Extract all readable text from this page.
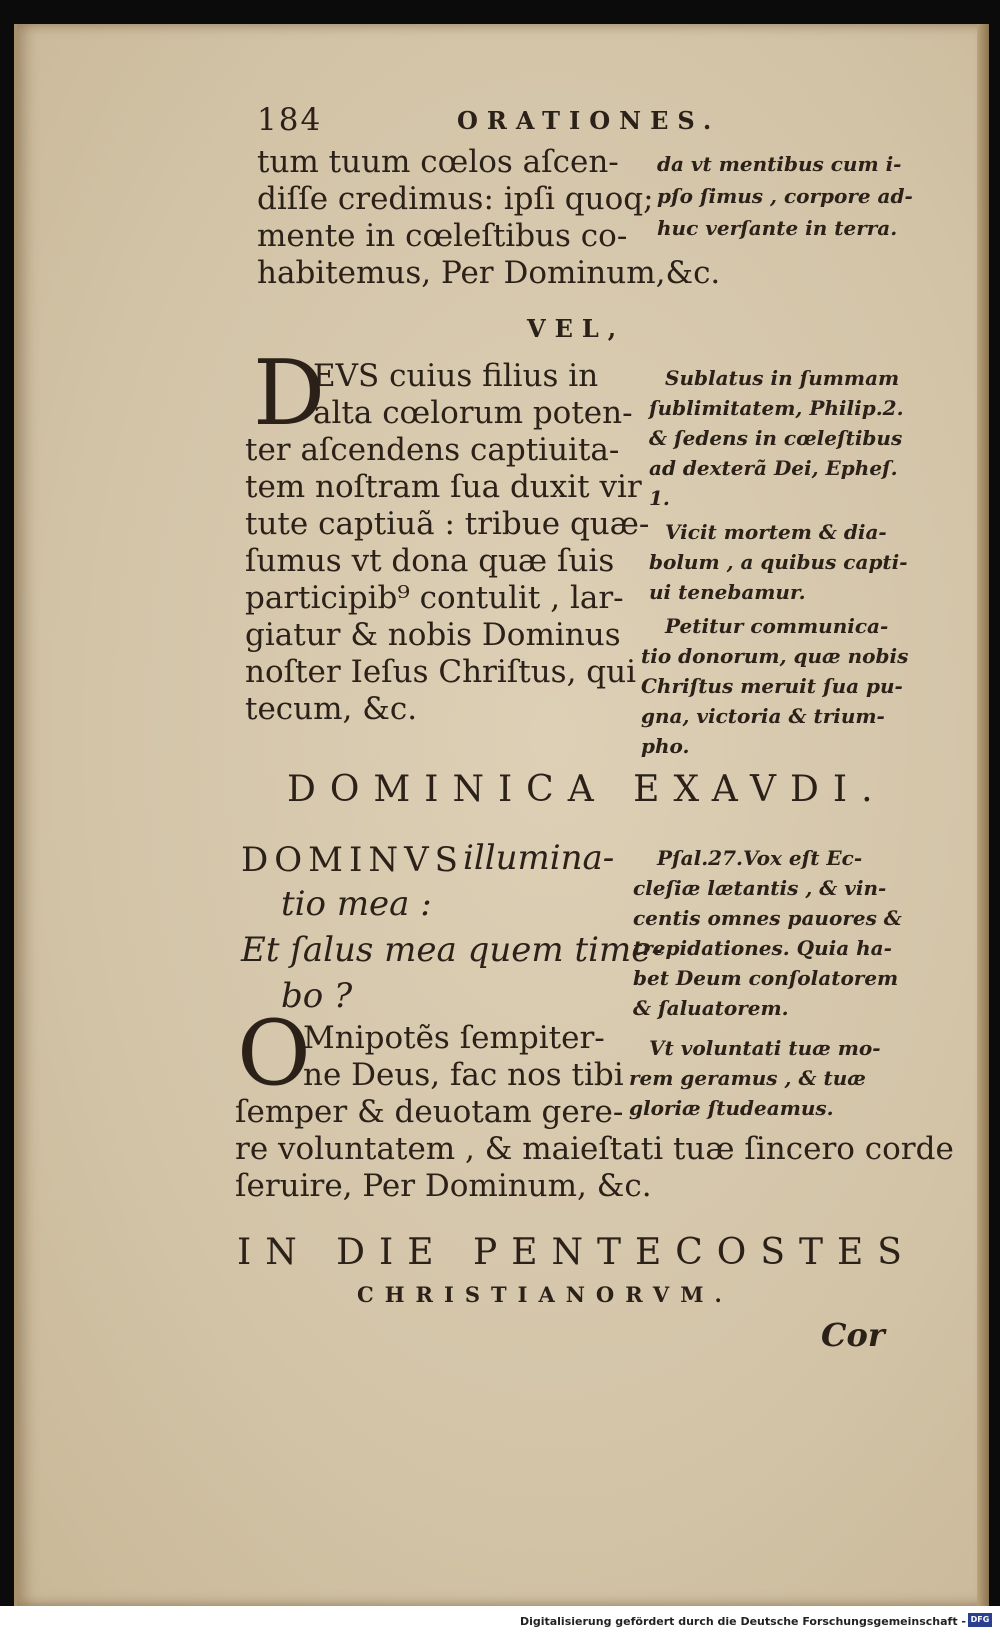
184	ORATIONES.
tum tuum cœlos aſcen-
diſſe credimus: ipſi quoq;
mente in cœleſtibus co-
habitemus, Per Dominum,&c.
da vt mentibus cum i-
pſo ſimus , corpore ad-
huc verſante in terra.
VEL,
D
EVS cuius filius in
alta cœlorum poten-
ter aſcendens captiuita-
tem noſtram ſua duxit vir
tute captiuã : tribue quæ-
ſumus vt dona quæ ſuis
participib⁹ contulit , lar-
giatur & nobis Dominus
noſter Ieſus Chriſtus, qui
tecum, &c.
Sublatus in ſummam
ſublimitatem, Philip.2.
& ſedens in cœleſtibus
ad dexterã Dei, Epheſ.
1.
Vicit mortem & dia-
bolum , a quibus capti-
ui tenebamur.
Petitur communica-
tio donorum, quæ nobis
Chriſtus meruit ſua pu-
gna, victoria & trium-
pho.
DOMINICA EXAVDI.
DOMINVS illumina-
tio mea :
Et ſalus mea quem time-
bo ?
O
Mnipotẽs ſempiter-
ne Deus, fac nos tibi
ſemper & deuotam gere-
re voluntatem , & maieſtati tuæ ſincero corde
ſeruire, Per Dominum, &c.
Pſal.27.Vox eſt Ec-
cleſiæ lætantis , & vin-
centis omnes pauores &
trepidationes. Quia ha-
bet Deum conſolatorem
& ſaluatorem.
Vt voluntati tuæ mo-
rem geramus , & tuæ
gloriæ ſtudeamus.
IN DIE PENTECOSTES
CHRISTIANORVM.
Cor
Digitalisierung gefördert durch die Deutsche Forschungsgemeinschaft - DFG
